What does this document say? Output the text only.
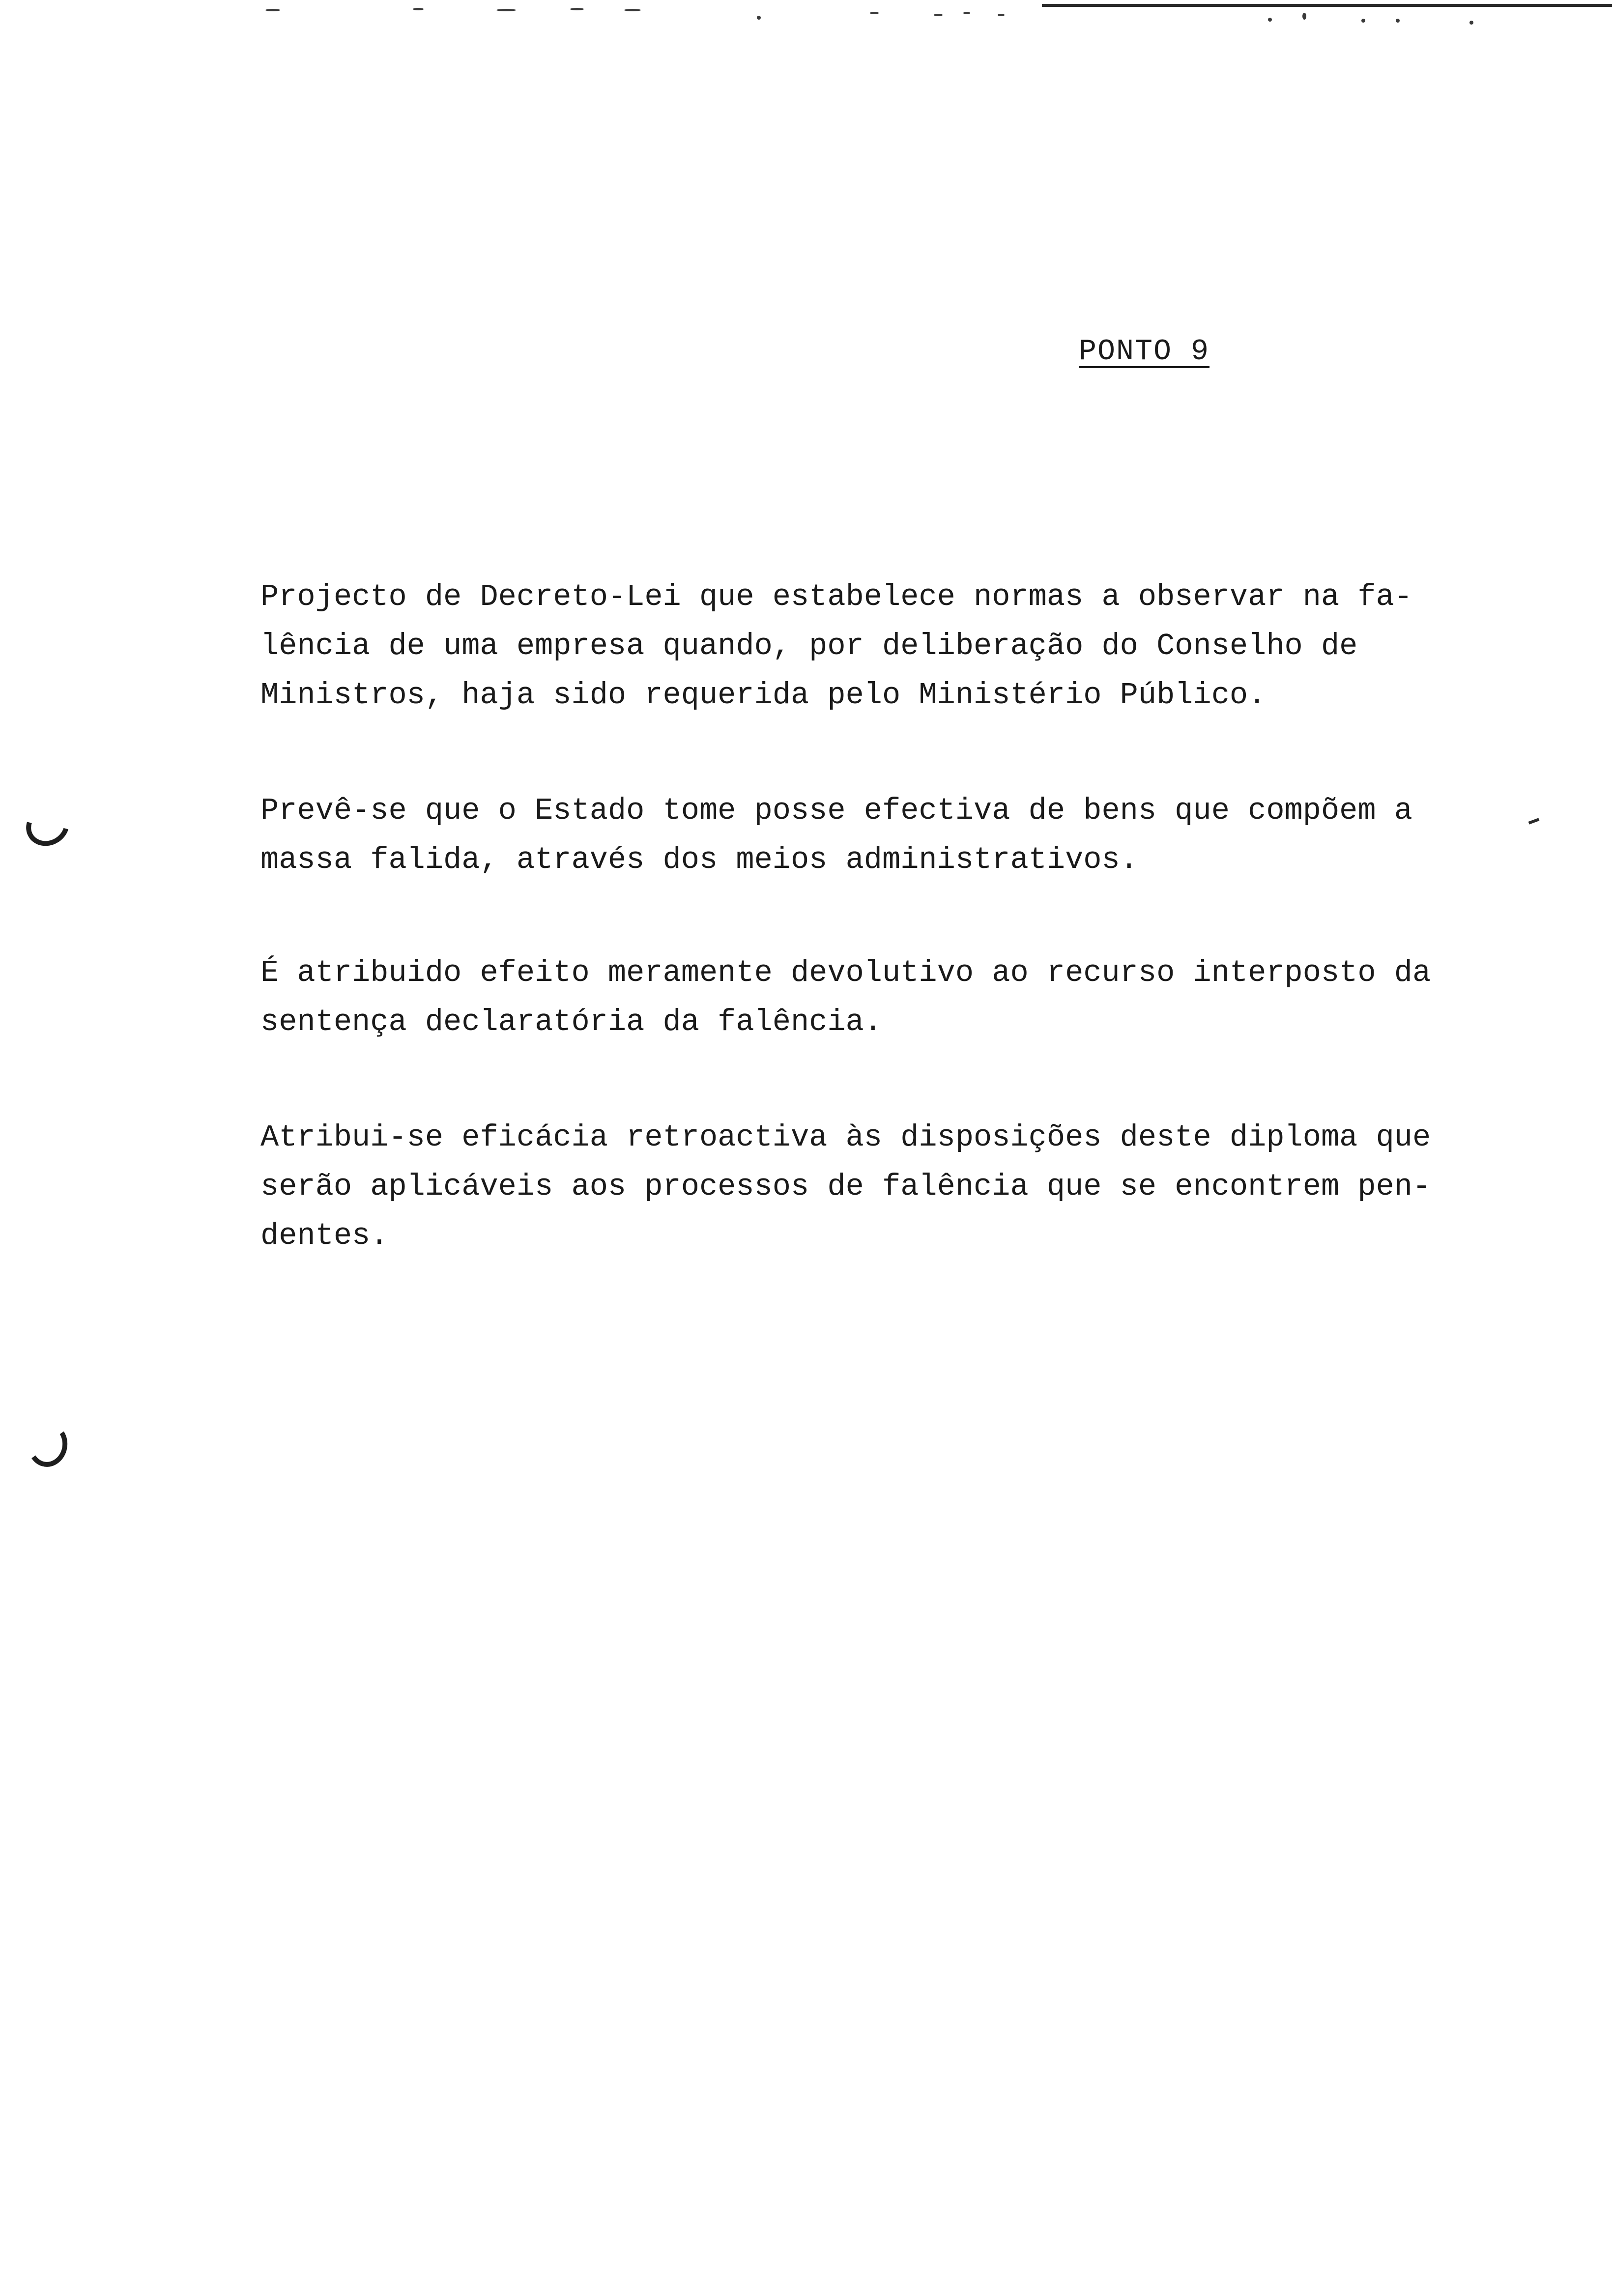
PONTO 9

Projecto de Decreto-Lei que estabelece normas a observar na fa-
lência de uma empresa quando, por deliberação do Conselho de
Ministros, haja sido requerida pelo Ministério Público.

Prevê-se que o Estado tome posse efectiva de bens que compõem a
massa falida, através dos meios administrativos.

É atribuido efeito meramente devolutivo ao recurso interposto da
sentença declaratória da falência.

Atribui-se eficácia retroactiva às disposições deste diploma que
serão aplicáveis aos processos de falência que se encontrem pen-
dentes.
